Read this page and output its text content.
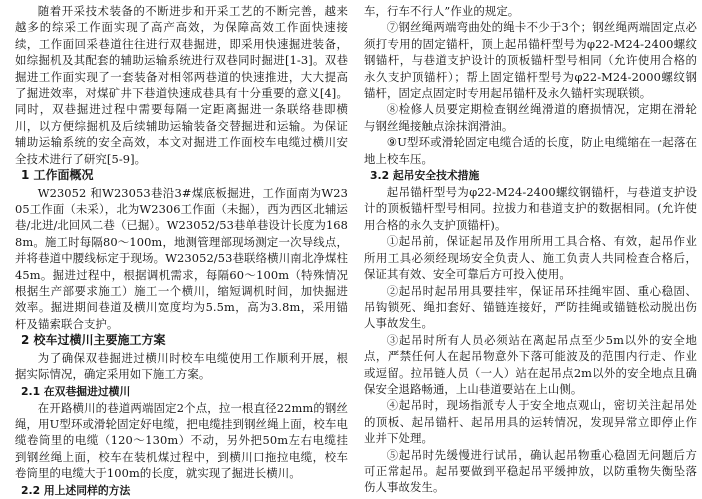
随着开采技术装备的不断进步和开采工艺的不断完善，越来越多的综采工作面实现了高产高效，为保障高效工作面快速接续，工作面回采巷道往往进行双巷掘进，即采用快速掘进装备，如综掘机及其配套的辅助运输系统进行双巷同时掘进[1-3]。双巷掘进工作面实现了一套装备对相邻两巷道的快速推进，大大提高了掘进效率，对煤矿井下巷道快速成巷具有十分重要的意义[4]。同时，双巷掘进过程中需要每隔一定距离掘进一条联络巷即横川，以方便综掘机及后续辅助运输装备交替掘进和运输。为保证辅助运输系统的安全高效，本文对掘进工作面校车电缆过横川安全技术进行了研究[5-9]。

1 工作面概况

W23052 和W23053巷沿3#煤底板掘进，工作面南为W2305工作面（未采），北为W2306工作面（未掘），西为西区北辅运巷/北进/北回风二巷（已掘）。W23052/53巷单巷设计长度为1688m。施工时每隔80～100m，地测管理部现场测定一次导线点，并将巷道中腰线标定于现场。W23052/53巷联络横川南北净煤柱45m。掘进过程中，根据调机需求，每隔60～100m（特殊情况根据生产部要求施工）施工一个横川，缩短调机时间，加快掘进效率。掘进期间巷道及横川宽度均为5.5m，高为3.8m，采用锚杆及锚索联合支护。

2 校车过横川主要施工方案

为了确保双巷掘进过横川时校车电缆使用工作顺利开展，根据实际情况，确定采用如下施工方案。

2.1 在双巷掘进过横川

在开路横川的巷道两端固定2个点，拉一根直径22mm的钢丝绳，用U型环或滑轮固定好电缆，把电缆挂到钢丝绳上面，校车电缆卷筒里的电缆（120～130m）不动，另外把50m左右电缆挂到钢丝绳上面，校车在装机煤过程中，到横川口拖拉电缆，校车卷筒里的电缆大于100m的长度，就实现了掘进长横川。

2.2 用上述同样的方法

车，行车不行人”作业的规定。

⑦钢丝绳两端弯曲处的绳卡不少于3个；钢丝绳两端固定点必须打专用的固定锚杆，顶上起吊锚杆型号为φ22-M24-2400螺纹钢锚杆，与巷道支护设计的顶板锚杆型号相同（允许使用合格的永久支护顶锚杆）；帮上固定锚杆型号为φ22-M24-2000螺纹钢锚杆，固定点固定时专用起吊锚杆及永久锚杆实现联锁。

⑧检修人员要定期检查钢丝绳滑道的磨损情况，定期在滑轮与钢丝绳接触点涂抹润滑油。

⑨U型环或滑轮固定电缆合适的长度，防止电缆缩在一起落在地上校车压。

3.2 起吊安全技术措施

起吊锚杆型号为φ22-M24-2400螺纹钢锚杆，与巷道支护设计的顶板锚杆型号相同。拉拔力和巷道支护的数据相同。(允许使用合格的永久支护顶锚杆)。

①起吊前，保证起吊及作用所用工具合格、有效，起吊作业所用工具必须经现场安全负责人、施工负责人共同检查合格后，保证其有效、安全可靠后方可投入使用。

②起吊时起吊用具要挂牢，保证吊环挂绳牢固、重心稳固、吊钩锁死、绳扣套好、锚链连接好，严防挂绳或锚链松动脱出伤人事故发生。

③起吊时所有人员必须站在离起吊点至少5m以外的安全地点，严禁任何人在起吊物意外下落可能波及的范围内行走、作业或逗留。拉吊链人员（一人）站在起吊点2m以外的安全地点且确保安全退路畅通，上山巷道要站在上山侧。

④起吊时，现场指派专人于安全地点观山，密切关注起吊处的顶板、起吊锚杆、起吊用具的运转情况，发现异常立即停止作业并下处理。

⑤起吊时先缓慢进行试吊，确认起吊物重心稳固无问题后方可正常起吊。起吊要做到平稳起吊平缓抻放，以防重物失衡坠落伤人事故发生。
